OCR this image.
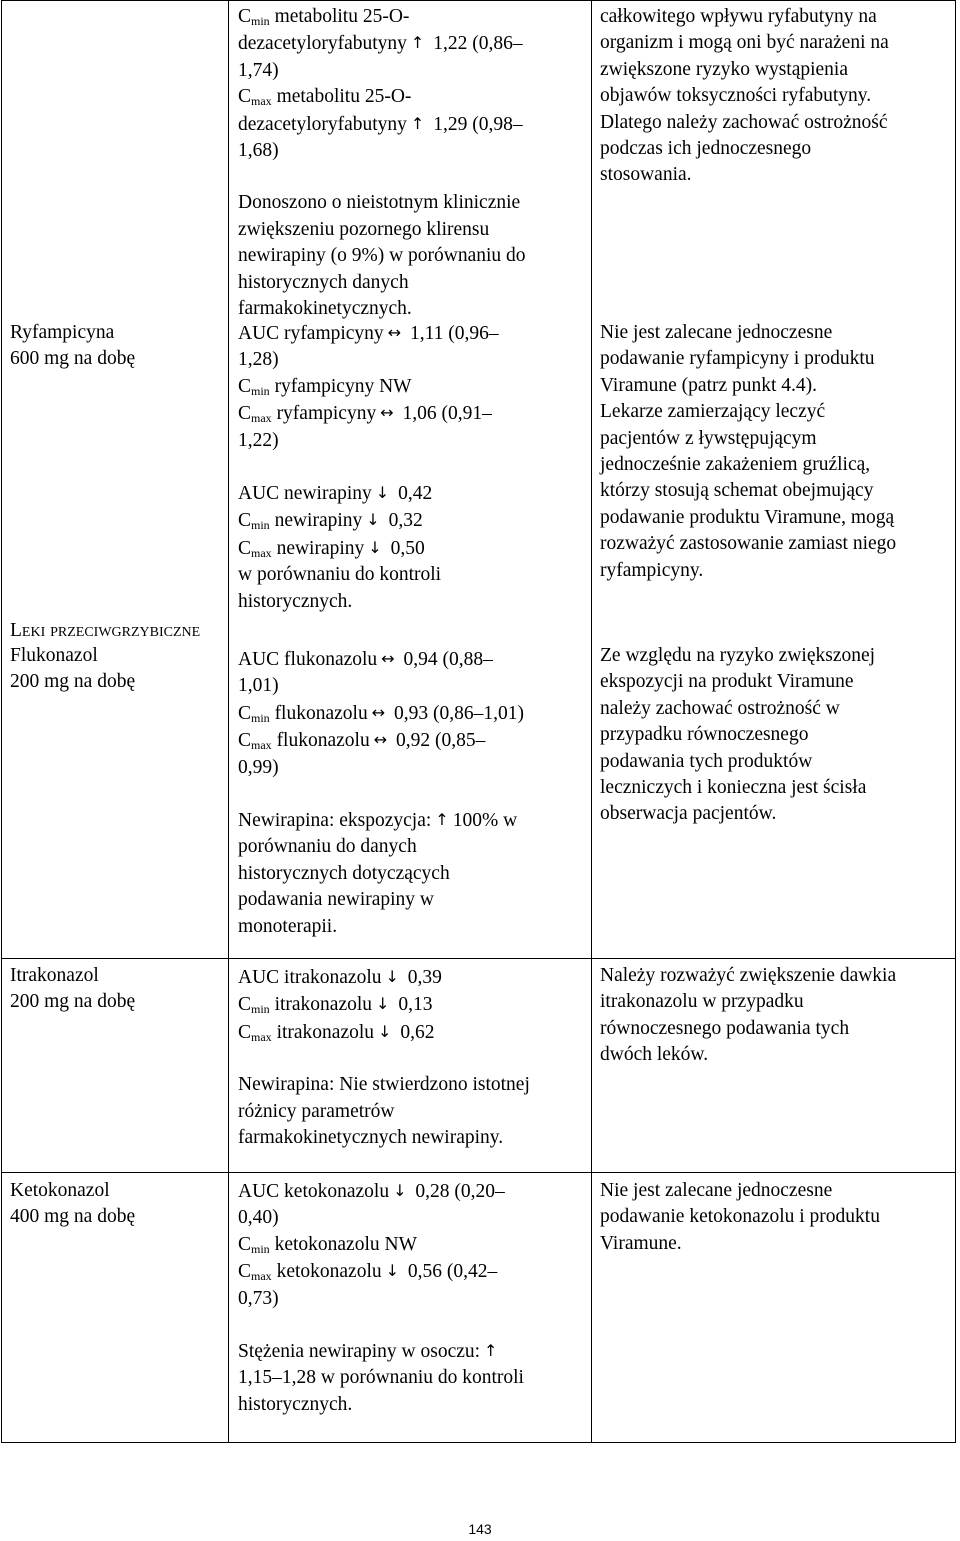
$C_{min}$ metabolitu 25-O-
dezacetyloryfabutyny ↑ 1,22 (0,86–
1,74)
$C_{max}$ metabolitu 25-O-
dezacetyloryfabutyny ↑ 1,29 (0,98–
1,68)
Donoszono o nieistotnym klinicznie
zwiększeniu pozornego klirensu
newirapiny (o 9%) w porównaniu do
historycznych danych
farmakokinetycznych.
całkowitego wpływu ryfabutyny na
organizm i mogą oni być narażeni na
zwiększone ryzyko wystąpienia
objawów toksyczności ryfabutyny.
Dlatego należy zachować ostrożność
podczas ich jednoczesnego
stosowania.
Ryfampicyna
600 mg na dobę
AUC ryfampicyny ↔ 1,11 (0,96–
1,28)
$C_{min}$ ryfampicyny NW
$C_{max}$ ryfampicyny ↔ 1,06 (0,91–
1,22)
AUC newirapiny ↓ 0,42
$C_{min}$ newirapiny ↓ 0,32
$C_{max}$ newirapiny ↓ 0,50
w porównaniu do kontroli
historycznych.
Nie jest zalecane jednoczesne
podawanie ryfampicyny i produktu
Viramune (patrz punkt 4.4).
Lekarze zamierzający leczyć
pacjentów z ływstępującym
jednocześnie zakażeniem gruźlicą,
którzy stosują schemat obejmujący
podawanie produktu Viramune, mogą
rozważyć zastosowanie zamiast niego
ryfampicyny.
Leki przeciwgrzybiczne
Flukonazol
200 mg na dobę
AUC flukonazolu ↔ 0,94 (0,88–
1,01)
$C_{min}$ flukonazolu ↔ 0,93 (0,86–1,01)
$C_{max}$ flukonazolu ↔ 0,92 (0,85–
0,99)
Newirapina: ekspozycja: ↑ 100% w
porównaniu do danych
historycznych dotyczących
podawania newirapiny w
monoterapii.
Ze względu na ryzyko zwiększonej
ekspozycji na produkt Viramune
należy zachować ostrożność w
przypadku równoczesnego
podawania tych produktów
leczniczych i konieczna jest ścisła
obserwacja pacjentów.
Itrakonazol
200 mg na dobę
AUC itrakonazolu ↓ 0,39
$C_{min}$ itrakonazolu ↓ 0,13
$C_{max}$ itrakonazolu ↓ 0,62
Newirapina: Nie stwierdzono istotnej
różnicy parametrów
farmakokinetycznych newirapiny.
Należy rozważyć zwiększenie dawkia
itrakonazolu w przypadku
równoczesnego podawania tych
dwóch leków.
Ketokonazol
400 mg na dobę
AUC ketokonazolu ↓ 0,28 (0,20–
0,40)
$C_{min}$ ketokonazolu NW
$C_{max}$ ketokonazolu ↓ 0,56 (0,42–
0,73)
Stężenia newirapiny w osoczu: ↑
1,15–1,28 w porównaniu do kontroli
historycznych.
Nie jest zalecane jednoczesne
podawanie ketokonazolu i produktu
Viramune.
143
